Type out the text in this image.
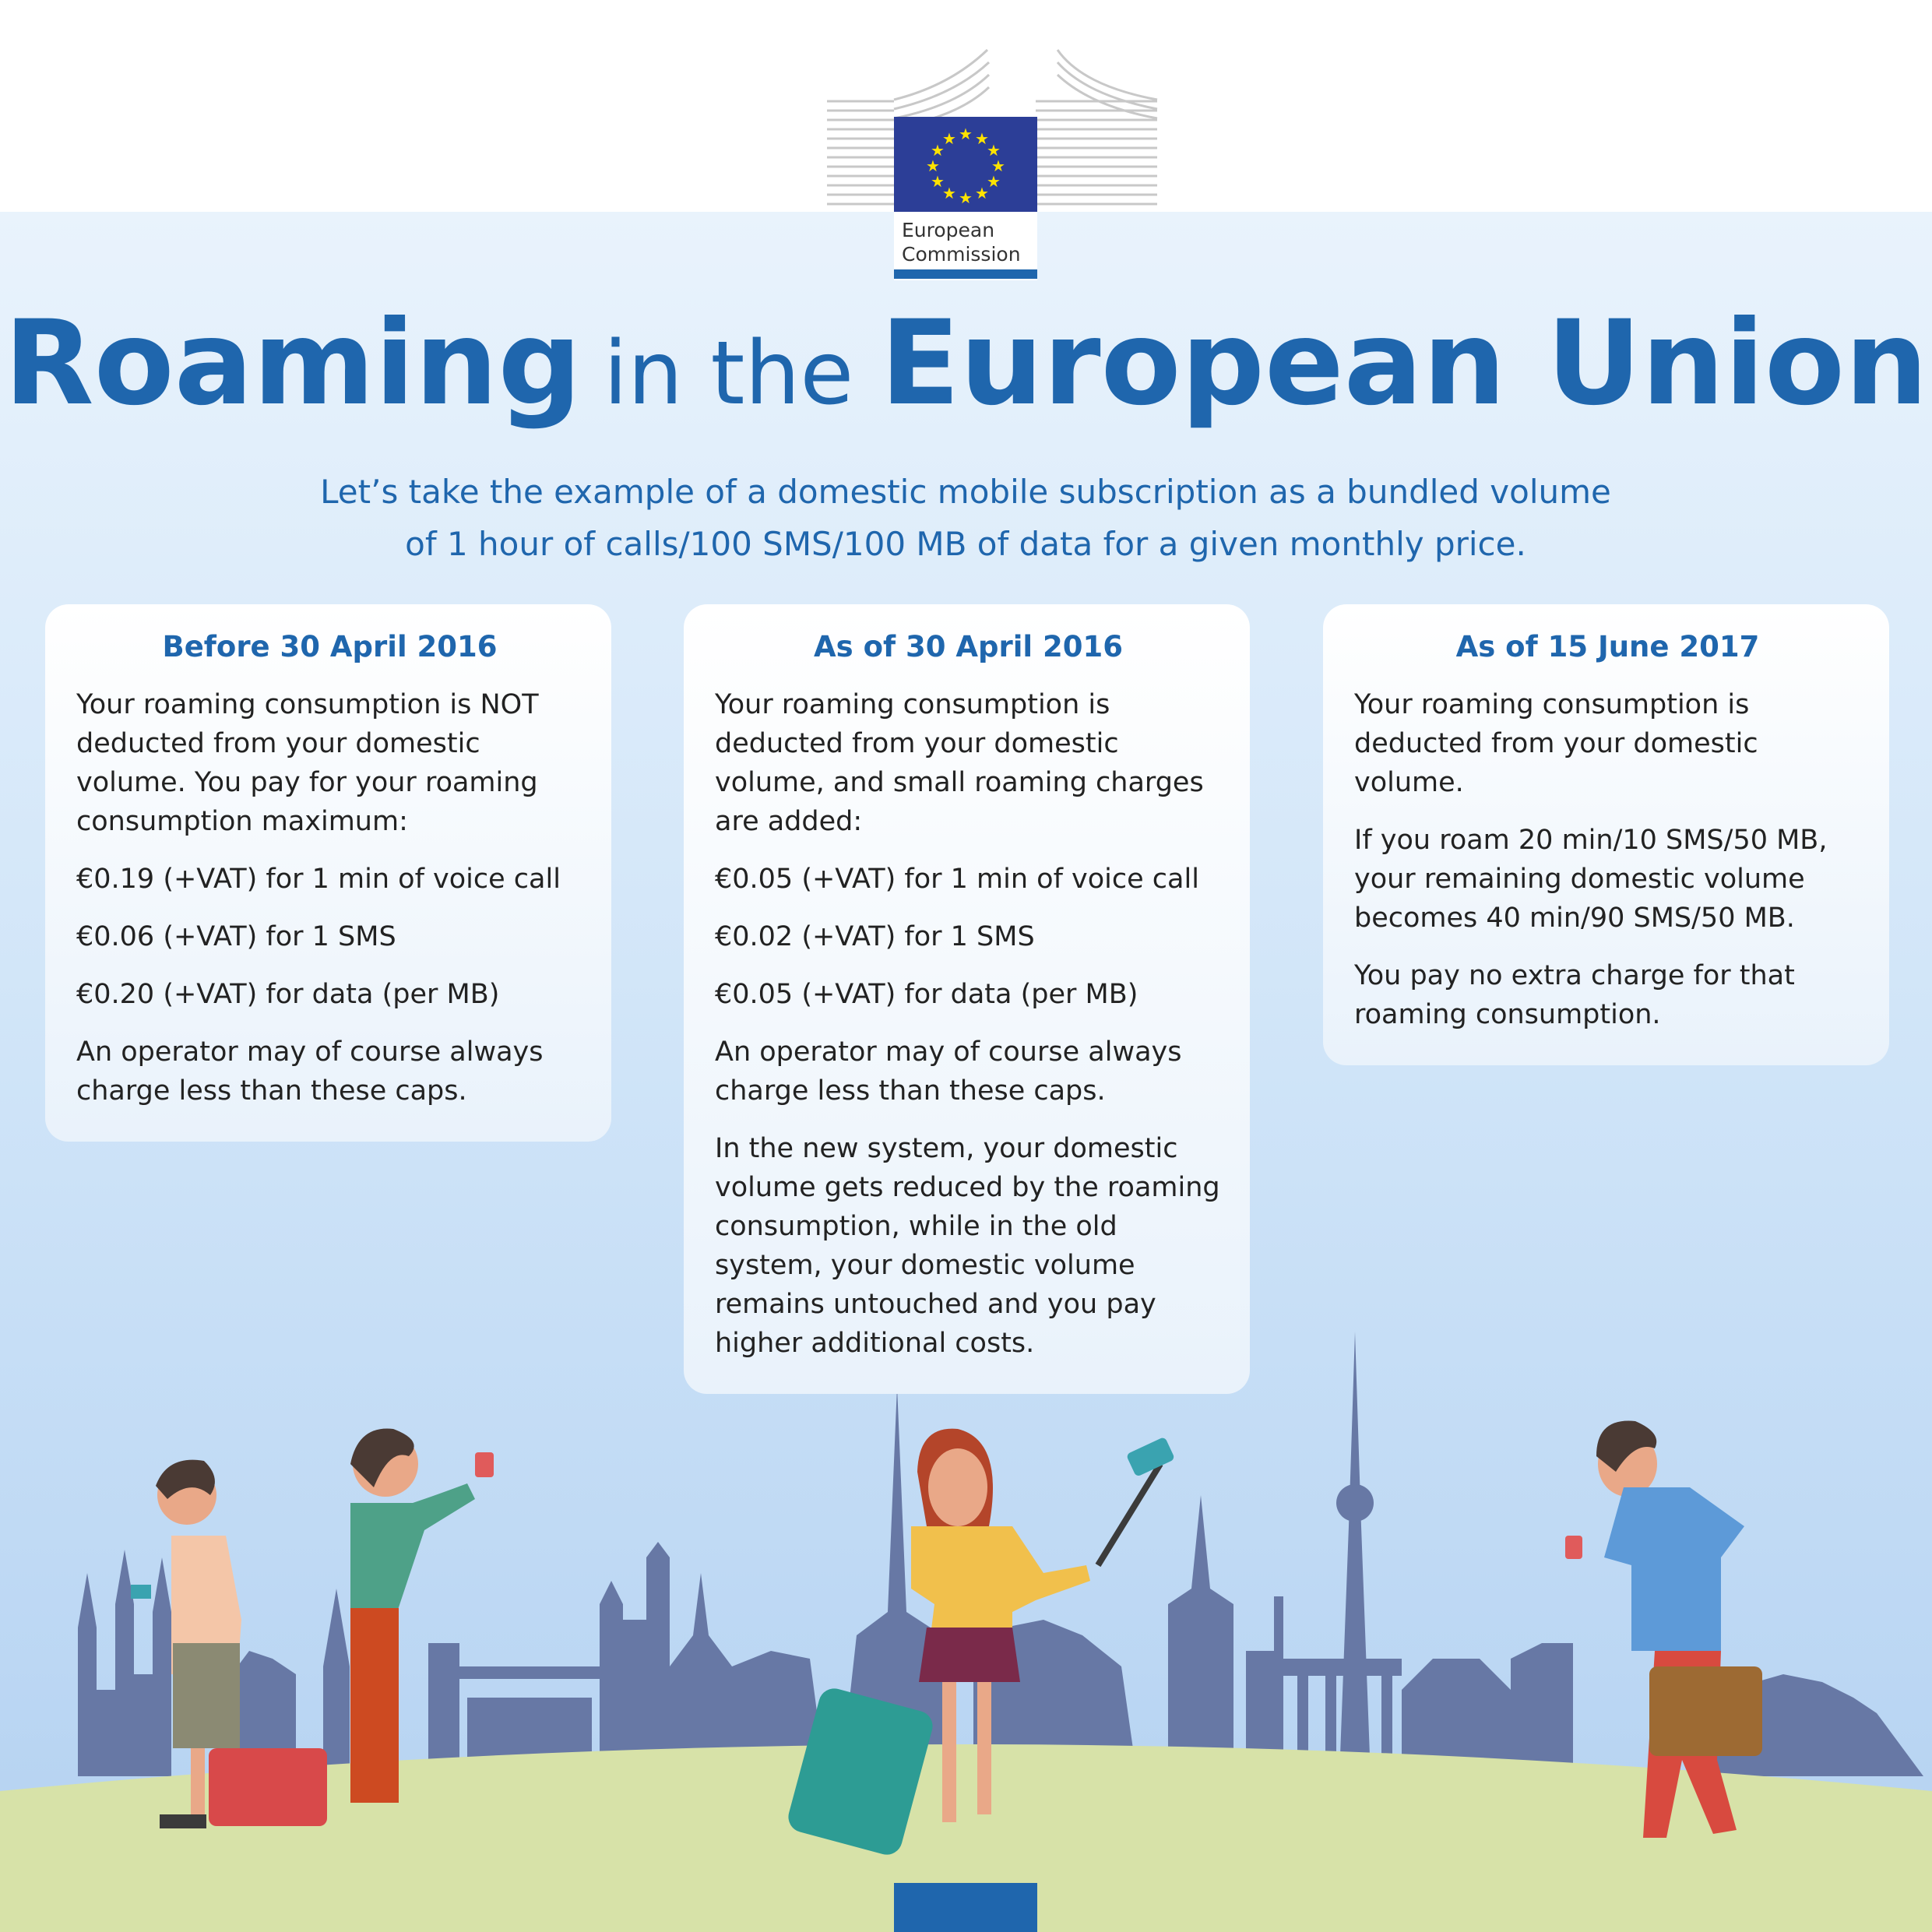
★ ★
★
★
★
★
★
★
★
★
★
★
European
Commission
Roaming in the European Union
Let’s take the example of a domestic mobile subscription as a bundled volume
of 1 hour of calls/100 SMS/100 MB of data for a given monthly price.
Before 30 April 2016

Your roaming consumption is NOT deducted from your domestic volume. You pay for your roaming consumption maximum:

€0.19 (+VAT) for 1 min of voice call

€0.06 (+VAT) for 1 SMS

€0.20 (+VAT) for data (per MB)

An operator may of course always charge less than these caps.

As of 30 April 2016

Your roaming consumption is deducted from your domestic volume, and small roaming charges are added:

€0.05 (+VAT) for 1 min of voice call

€0.02 (+VAT) for 1 SMS

€0.05 (+VAT) for data (per MB)

An operator may of course always charge less than these caps.

In the new system, your domestic volume gets reduced by the roaming consumption, while in the old system, your domestic volume remains untouched and you pay higher additional costs.

As of 15 June 2017

Your roaming consumption is deducted from your domestic volume.

If you roam 20 min/10 SMS/50 MB, your remaining domestic volume becomes 40 min/90 SMS/50 MB.

You pay no extra charge for that roaming consumption.
